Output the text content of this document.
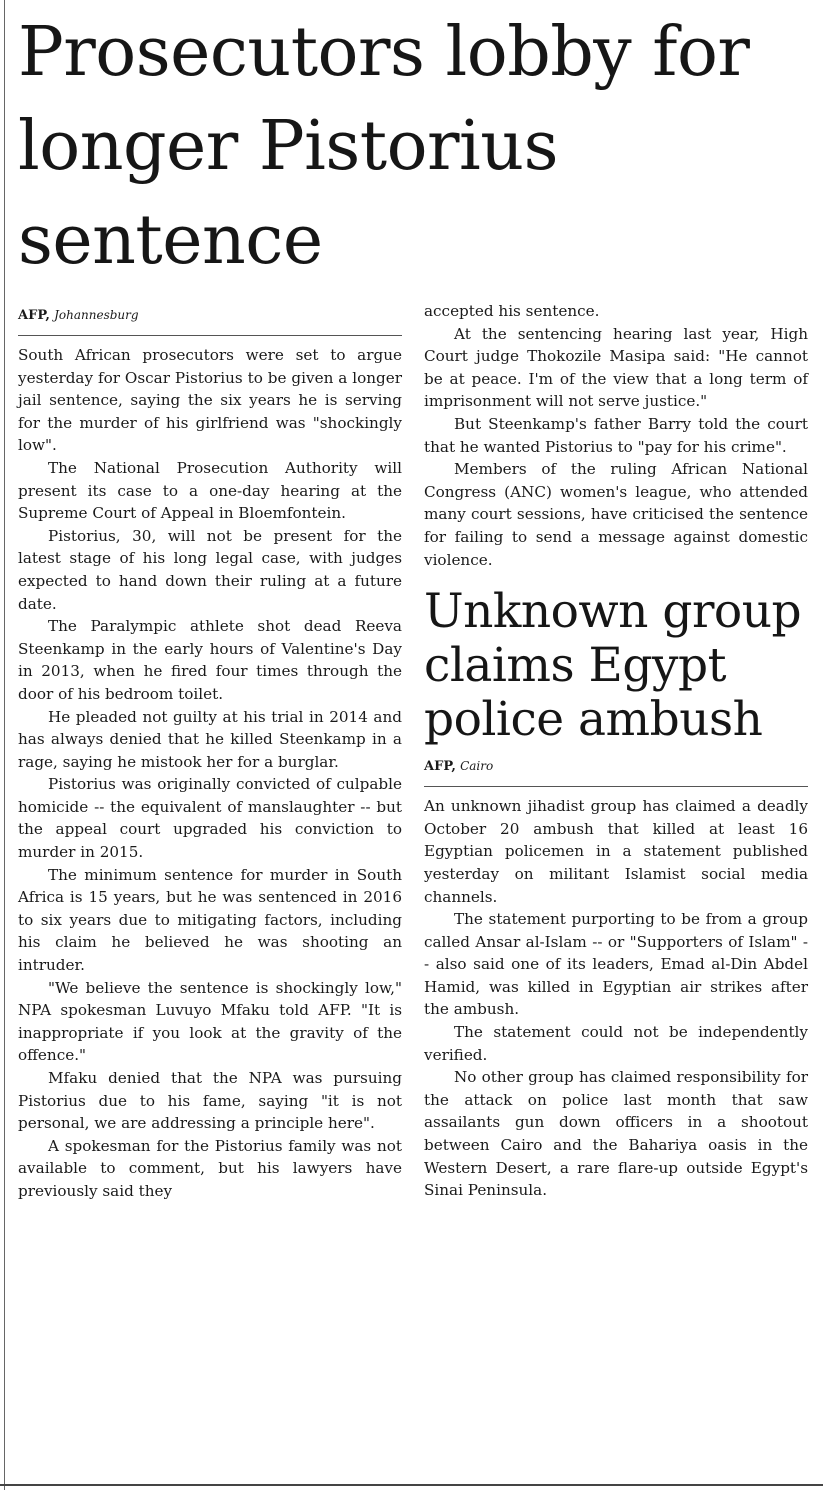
Prosecutors lobby for longer Pistorius sentence
AFP, Johannesburg

South African prosecutors were set to argue yesterday for Oscar Pistorius to be given a longer jail sentence, saying the six years he is serving for the murder of his girlfriend was "shockingly low".

The National Prosecution Authority will present its case to a one-day hearing at the Supreme Court of Appeal in Bloemfontein.

Pistorius, 30, will not be present for the latest stage of his long legal case, with judges expected to hand down their ruling at a future date.

The Paralympic athlete shot dead Reeva Steenkamp in the early hours of Valentine's Day in 2013, when he fired four times through the door of his bedroom toilet.

He pleaded not guilty at his trial in 2014 and has always denied that he killed Steenkamp in a rage, saying he mistook her for a burglar.

Pistorius was originally convicted of culpable homicide -- the equivalent of manslaughter -- but the appeal court upgraded his conviction to murder in 2015.

The minimum sentence for murder in South Africa is 15 years, but he was sentenced in 2016 to six years due to mitigating factors, including his claim he believed he was shooting an intruder.

"We believe the sentence is shockingly low," NPA spokesman Luvuyo Mfaku told AFP. "It is inappropriate if you look at the gravity of the offence."

Mfaku denied that the NPA was pursuing Pistorius due to his fame, saying "it is not personal, we are addressing a principle here".

A spokesman for the Pistorius family was not available to comment, but his lawyers have previously said they

accepted his sentence.

At the sentencing hearing last year, High Court judge Thokozile Masipa said: "He cannot be at peace. I'm of the view that a long term of imprisonment will not serve justice."

But Steenkamp's father Barry told the court that he wanted Pistorius to "pay for his crime".

Members of the ruling African National Congress (ANC) women's league, who attended many court sessions, have criticised the sentence for failing to send a message against domestic violence.

Unknown group claims Egypt police ambush
AFP, Cairo

An unknown jihadist group has claimed a deadly October 20 ambush that killed at least 16 Egyptian policemen in a statement published yesterday on militant Islamist social media channels.

The statement purporting to be from a group called Ansar al-Islam -- or "Supporters of Islam" -- also said one of its leaders, Emad al-Din Abdel Hamid, was killed in Egyptian air strikes after the ambush.

The statement could not be independently verified.

No other group has claimed responsibility for the attack on police last month that saw assailants gun down officers in a shootout between Cairo and the Bahariya oasis in the Western Desert, a rare flare-up outside Egypt's Sinai Peninsula.
